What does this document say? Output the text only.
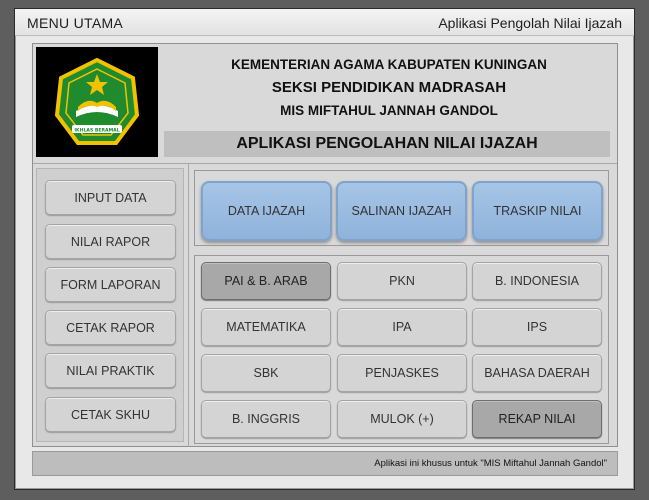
MENU UTAMA	Aplikasi Pengolah Nilai Ijazah
IKHLAS BERAMAL
KEMENTERIAN AGAMA KABUPATEN KUNINGAN
SEKSI PENDIDIKAN MADRASAH
MIS MIFTAHUL JANNAH GANDOL
APLIKASI PENGOLAHAN NILAI IJAZAH
INPUT DATA
NILAI RAPOR
FORM LAPORAN
CETAK RAPOR
NILAI PRAKTIK
CETAK SKHU
DATA IJAZAH	SALINAN IJAZAH	TRASKIP NILAI
PAI & B. ARAB	PKN	B. INDONESIA
MATEMATIKA	IPA	IPS
SBK	PENJASKES	BAHASA DAERAH
B. INGGRIS	MULOK (+)	REKAP NILAI
Aplikasi ini khusus untuk "MIS Miftahul Jannah Gandol"
